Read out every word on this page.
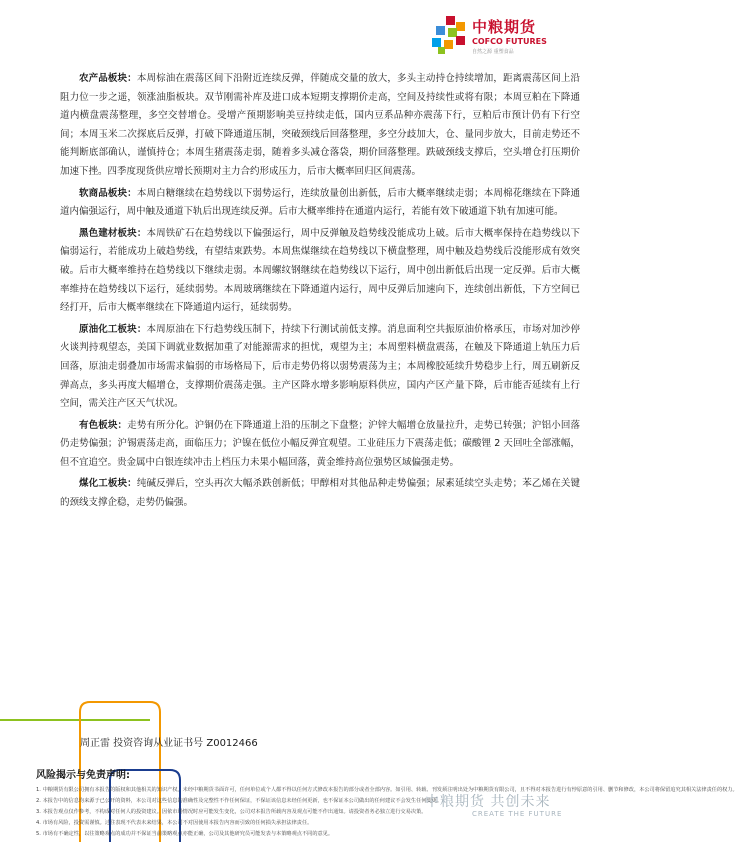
中粮期货
COFCO FUTURES
自然之源 重塑食品

农产品板块：本周棕油在震荡区间下沿附近连续反弹，伴随成交量的放大，多头主动持仓持续增加，距离震荡区间上沿阻力位一步之遥，领涨油脂板块。双节刚需补库及进口成本短期支撑期价走高，空间及持续性或将有限；本周豆粕在下降通道内横盘震荡整理，多空交替增仓。受增产预期影响美豆持续走低，国内豆系品种亦震荡下行，豆粕后市预计仍有下行空间；本周玉米二次探底后反弹，打破下降通道压制，突破颈线后回落整理，多空分歧加大，仓、量同步放大，目前走势还不能判断底部确认，谨慎持仓；本周生猪震荡走弱，随着多头减仓落袋，期价回落整理。跌破颈线支撑后，空头增仓打压期价加速下挫。四季度现货供应增长预期对主力合约形成压力，后市大概率回归区间震荡。

软商品板块：本周白糖继续在趋势线以下弱势运行，连续放量创出新低，后市大概率继续走弱；本周棉花继续在下降通道内偏强运行，周中触及通道下轨后出现连续反弹。后市大概率维持在通道内运行，若能有效下破通道下轨有加速可能。

黑色建材板块：本周铁矿石在趋势线以下偏强运行，周中反弹触及趋势线没能成功上破。后市大概率保持在趋势线以下偏弱运行，若能成功上破趋势线，有望结束跌势。本周焦煤继续在趋势线以下横盘整理，周中触及趋势线后没能形成有效突破。后市大概率维持在趋势线以下继续走弱。本周螺纹钢继续在趋势线以下运行，周中创出新低后出现一定反弹。后市大概率维持在趋势线以下运行，延续弱势。本周玻璃继续在下降通道内运行，周中反弹后加速向下，连续创出新低，下方空间已经打开，后市大概率继续在下降通道内运行，延续弱势。

原油化工板块：本周原油在下行趋势线压制下，持续下行测试前低支撑。消息面利空共振原油价格承压，市场对加沙停火谈判持观望态，美国下调就业数据加重了对能源需求的担忧，观望为主；本周塑料横盘震荡，在触及下降通道上轨压力后回落，原油走弱叠加市场需求偏弱的市场格局下，后市走势仍将以弱势震荡为主；本周橡胶延续升势稳步上行，周五刷新反弹高点，多头再度大幅增仓，支撑期价震荡走强。主产区降水增多影响原料供应，国内产区产量下降，后市能否延续有上行空间，需关注产区天气状况。

有色板块：走势有所分化。沪铜仍在下降通道上沿的压制之下盘整；沪锌大幅增仓放量拉升，走势已转强；沪铝小回落仍走势偏强；沪锡震荡走高，面临压力；沪镍在低位小幅反弹宜观望。工业硅压力下震荡走低；碳酸锂 2 天回吐全部涨幅，但不宜追空。贵金属中白银连续冲击上档压力未果小幅回落，黄金维持高位强势区域偏强走势。

煤化工板块：纯碱反弹后，空头再次大幅杀跌创新低；甲醇相对其他品种走势偏强；尿素延续空头走势；苯乙烯在关键的颈线支撑企稳，走势仍偏强。

周正雷 投资咨询从业证书号 Z0012466
风险揭示与免责声明:
1. 中粮期货有限公司拥有本报告的版权和其他相关的知识产权。未经中粮期货书面许可，任何单位或个人都不得以任何方式修改本报告的部分或者全部内容。如引用、转载、刊发须注明出处为中粮期货有限公司，且不得对本报告进行有悖原意的引用、删节和修改，本公司将保留追究其相关法律责任的权力。
2. 本报告中的信息均来源于已公开的资料，本公司对这些信息的准确性及完整性不作任何保证，不保证该信息未经任何更新，也不保证本公司做出的任何建议不会发生任何变更。
3. 本报告观点仅作参考，不构成对任何人的投资建议。因依市场情况时应可能发生变化，公司对本报告所载内容及观点可能不作出通知。请投资者务必独立进行交易决策。
4. 市场有风险，投资需谨慎。过往表现不代表未来结果，本公司不对因使用本报告内容而引致的任何损失承担法律责任。
5. 市场有不确定性，以往策略观点的成功并不保证当前策略观点亦能正确，公司及其他研究员可能发表与本策略观点不同的意见。
中粮期货 共创未来
CREATE THE FUTURE
